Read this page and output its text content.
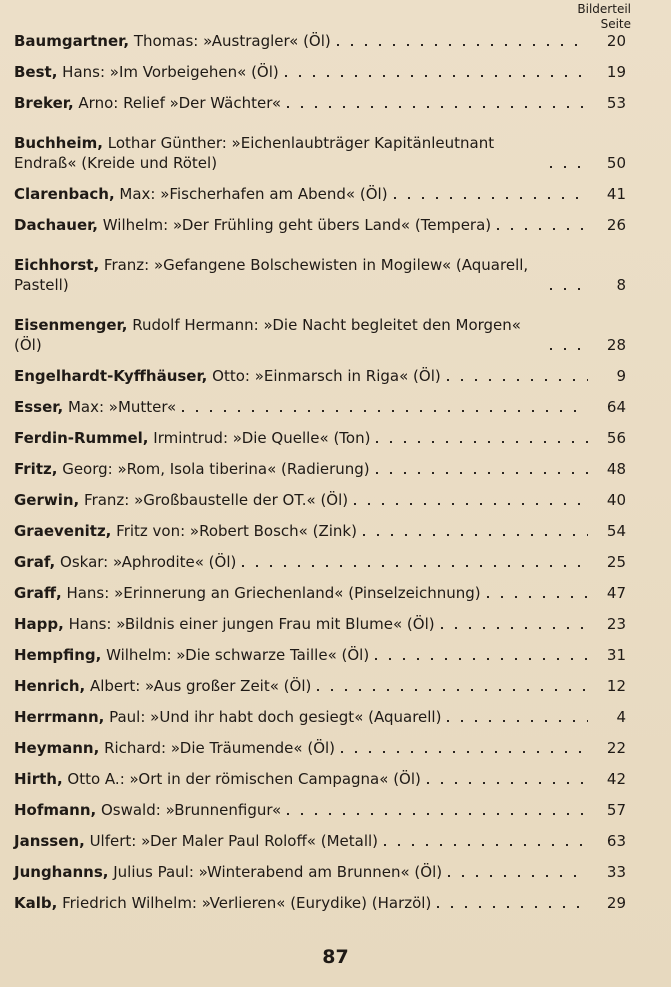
Bilderteil
Seite
Baumgartner, Thomas: »Austragler« (Öl)	20
Best, Hans: »Im Vorbeigehen« (Öl)	19
Breker, Arno: Relief »Der Wächter«	53
Buchheim, Lothar Günther: »Eichenlaubträger Kapitänleutnant Endraß« (Kreide und Rötel)	50
Clarenbach, Max: »Fischerhafen am Abend« (Öl)	41
Dachauer, Wilhelm: »Der Frühling geht übers Land« (Tempera)	26
Eichhorst, Franz: »Gefangene Bolschewisten in Mogilew« (Aquarell, Pastell)	8
Eisenmenger, Rudolf Hermann: »Die Nacht begleitet den Morgen« (Öl)	28
Engelhardt-Kyffhäuser, Otto: »Einmarsch in Riga« (Öl)	9
Esser, Max: »Mutter«	64
Ferdin-Rummel, Irmintrud: »Die Quelle« (Ton)	56
Fritz, Georg: »Rom, Isola tiberina« (Radierung)	48
Gerwin, Franz: »Großbaustelle der OT.« (Öl)	40
Graevenitz, Fritz von: »Robert Bosch« (Zink)	54
Graf, Oskar: »Aphrodite« (Öl)	25
Graff, Hans: »Erinnerung an Griechenland« (Pinselzeichnung)	47
Happ, Hans: »Bildnis einer jungen Frau mit Blume« (Öl)	23
Hempfing, Wilhelm: »Die schwarze Taille« (Öl)	31
Henrich, Albert: »Aus großer Zeit« (Öl)	12
Herrmann, Paul: »Und ihr habt doch gesiegt« (Aquarell)	4
Heymann, Richard: »Die Träumende« (Öl)	22
Hirth, Otto A.: »Ort in der römischen Campagna« (Öl)	42
Hofmann, Oswald: »Brunnenfigur«	57
Janssen, Ulfert: »Der Maler Paul Roloff« (Metall)	63
Junghanns, Julius Paul: »Winterabend am Brunnen« (Öl)	33
Kalb, Friedrich Wilhelm: »Verlieren« (Eurydike) (Harzöl)	29
87
